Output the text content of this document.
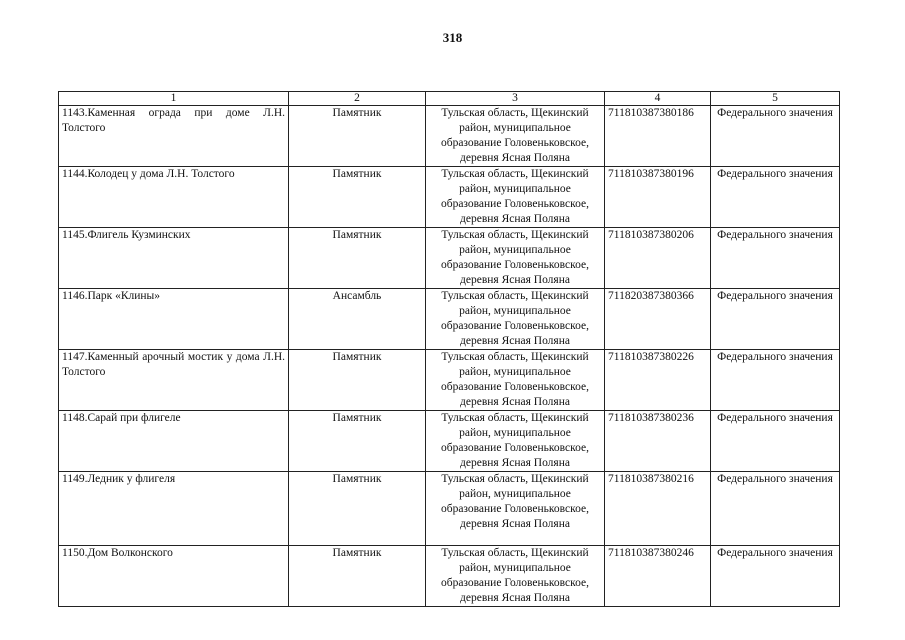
318
1	2	3	4	5
1143.Каменная ограда при доме Л.Н. Толстого	Памятник	Тульская область, Щекинский район, муниципальное образование Головеньковское, деревня Ясная Поляна	711810387380186	Федерального значения
1144.Колодец у дома Л.Н. Толстого	Памятник	Тульская область, Щекинский район, муниципальное образование Головеньковское, деревня Ясная Поляна	711810387380196	Федерального значения
1145.Флигель Кузминских	Памятник	Тульская область, Щекинский район, муниципальное образование Головеньковское, деревня Ясная Поляна	711810387380206	Федерального значения
1146.Парк «Клины»	Ансамбль	Тульская область, Щекинский район, муниципальное образование Головеньковское, деревня Ясная Поляна	711820387380366	Федерального значения
1147.Каменный арочный мостик у дома Л.Н. Толстого	Памятник	Тульская область, Щекинский район, муниципальное образование Головеньковское, деревня Ясная Поляна	711810387380226	Федерального значения
1148.Сарай при флигеле	Памятник	Тульская область, Щекинский район, муниципальное образование Головеньковское, деревня Ясная Поляна	711810387380236	Федерального значения
1149.Ледник у флигеля	Памятник	Тульская область, Щекинский район, муниципальное образование Головеньковское, деревня Ясная Поляна	711810387380216	Федерального значения
1150.Дом Волконского	Памятник	Тульская область, Щекинский район, муниципальное образование Головеньковское, деревня Ясная Поляна	711810387380246	Федерального значения
